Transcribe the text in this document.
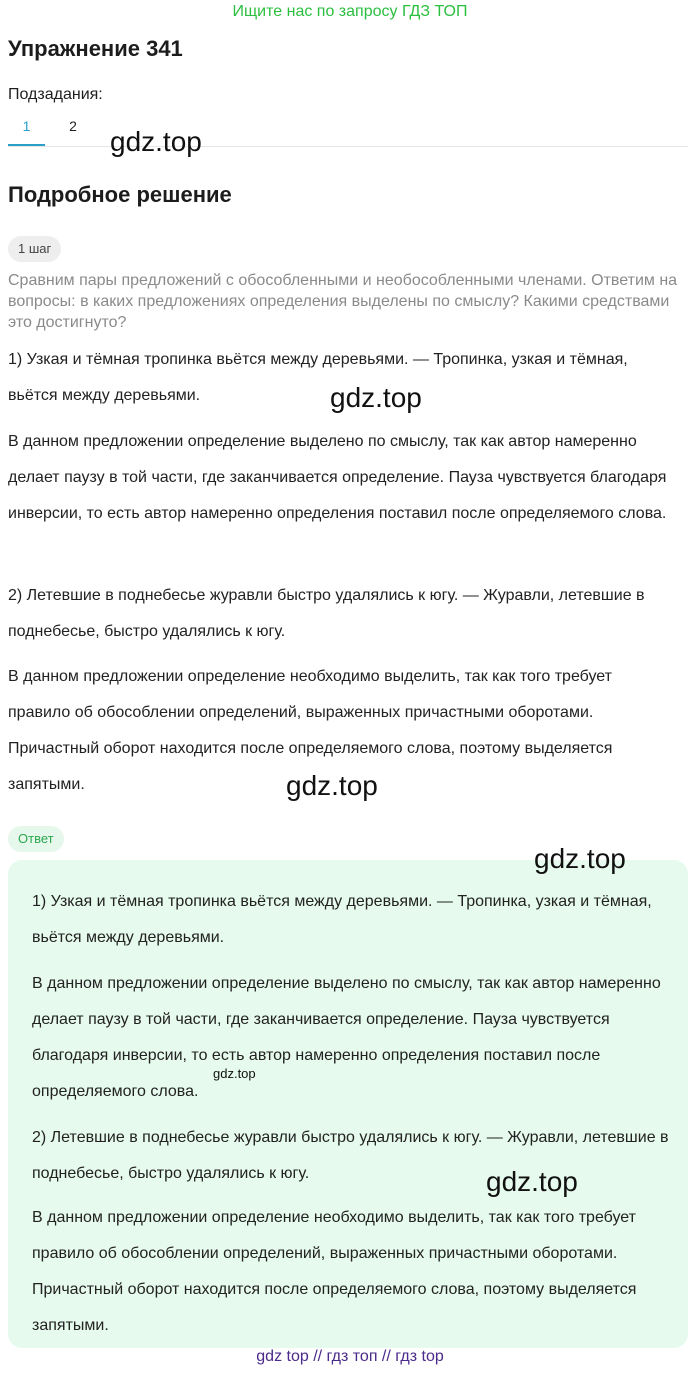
Ищите нас по запросу ГДЗ ТОП
Упражнение 341
Подзадания:
1	2	gdz.top
Подробное решение
1 шаг
Сравним пары предложений с обособленными и необособленными членами. Ответим на вопросы: в каких предложениях определения выделены по смыслу? Какими средствами это достигнуто?
1) Узкая и тёмная тропинка вьётся между деревьями. — Тропинка, узкая и тёмная, вьётся между деревьями.	gdz.top
В данном предложении определение выделено по смыслу, так как автор намеренно делает паузу в той части, где заканчивается определение. Пауза чувствуется благодаря инверсии, то есть автор намеренно определения поставил после определяемого слова.
2) Летевшие в поднебесье журавли быстро удалялись к югу. — Журавли, летевшие в поднебесье, быстро удалялись к югу.
В данном предложении определение необходимо выделить, так как того требует правило об обособлении определений, выраженных причастными оборотами. Причастный оборот находится после определяемого слова, поэтому выделяется запятыми.	gdz.top
Ответ
gdz.top
1) Узкая и тёмная тропинка вьётся между деревьями. — Тропинка, узкая и тёмная, вьётся между деревьями.
В данном предложении определение выделено по смыслу, так как автор намеренно делает паузу в той части, где заканчивается определение. Пауза чувствуется благодаря инверсии, то есть автор намеренно определения поставил после определяемого слова.
gdz.top
2) Летевшие в поднебесье журавли быстро удалялись к югу. — Журавли, летевшие в поднебесье, быстро удалялись к югу.	gdz.top
В данном предложении определение необходимо выделить, так как того требует правило об обособлении определений, выраженных причастными оборотами. Причастный оборот находится после определяемого слова, поэтому выделяется запятыми.
gdz top // гдз топ // гдз top
